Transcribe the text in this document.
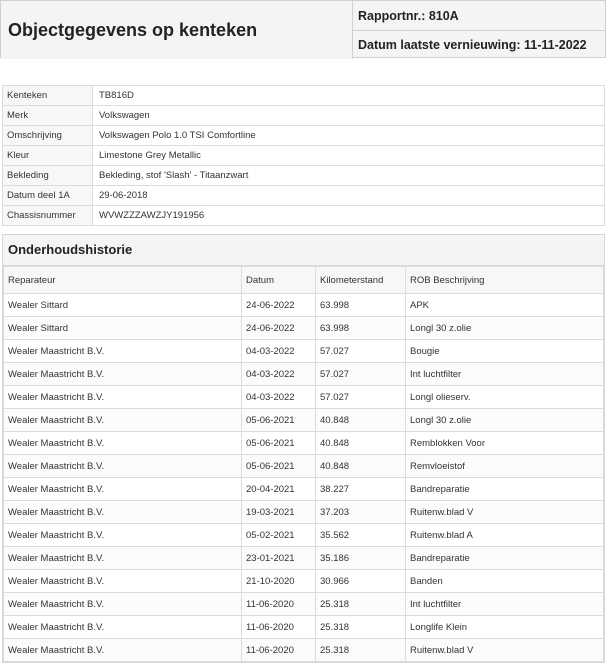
Objectgegevens op kenteken
Rapportnr.: 810A
Datum laatste vernieuwing: 11-11-2022
Kenteken	TB816D
Merk	Volkswagen
Omschrijving	Volkswagen Polo 1.0 TSI Comfortline
Kleur	Limestone Grey Metallic
Bekleding	Bekleding, stof 'Slash' - Titaanzwart
Datum deel 1A	29-06-2018
Chassisnummer	WVWZZZAWZJY191956
Onderhoudshistorie
Reparateur	Datum	Kilometerstand	ROB Beschrijving
Wealer Sittard	24-06-2022	63.998	APK
Wealer Sittard	24-06-2022	63.998	Longl 30 z.olie
Wealer Maastricht B.V.	04-03-2022	57.027	Bougie
Wealer Maastricht B.V.	04-03-2022	57.027	Int luchtfilter
Wealer Maastricht B.V.	04-03-2022	57.027	Longl olieserv.
Wealer Maastricht B.V.	05-06-2021	40.848	Longl 30 z.olie
Wealer Maastricht B.V.	05-06-2021	40.848	Remblokken Voor
Wealer Maastricht B.V.	05-06-2021	40.848	Remvloeistof
Wealer Maastricht B.V.	20-04-2021	38.227	Bandreparatie
Wealer Maastricht B.V.	19-03-2021	37.203	Ruitenw.blad V
Wealer Maastricht B.V.	05-02-2021	35.562	Ruitenw.blad A
Wealer Maastricht B.V.	23-01-2021	35.186	Bandreparatie
Wealer Maastricht B.V.	21-10-2020	30.966	Banden
Wealer Maastricht B.V.	11-06-2020	25.318	Int luchtfilter
Wealer Maastricht B.V.	11-06-2020	25.318	Longlife Klein
Wealer Maastricht B.V.	11-06-2020	25.318	Ruitenw.blad V
